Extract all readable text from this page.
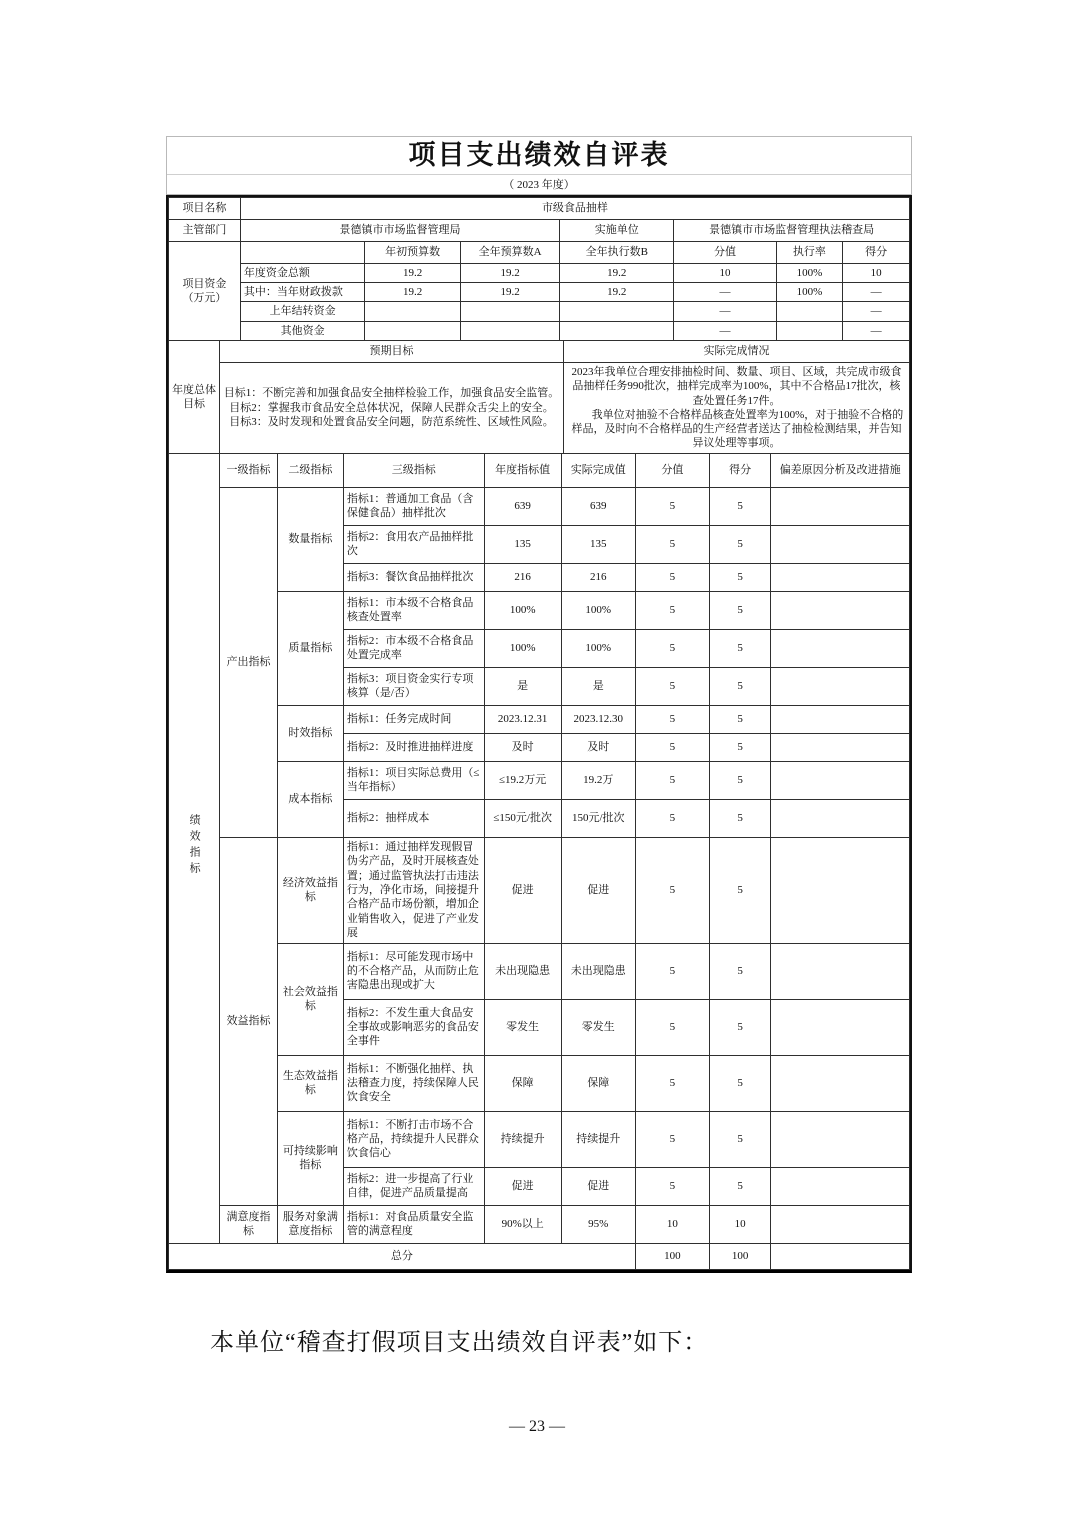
项目支出绩效自评表
（ 2023 年度）
项目名称	市级食品抽样		
主管部门	景德镇市市场监督管理局	实施单位	景德镇市市场监督管理执法稽查局
项目资金（万元）		年初预算数	全年预算数A	全年执行数B	分值	执行率	得分
	年度资金总额	19.2	19.2	19.2	10	100%	10
	其中：当年财政拨款	19.2	19.2	19.2	—	100%	—
	上年结转资金				—		—
	其他资金				—		—
年度总体目标	预期目标	实际完成情况

目标1：不断完善和加强食品安全抽样检验工作，加强食品安全监管。
目标2：掌握我市食品安全总体状况，保障人民群众舌尖上的安全。
目标3：及时发现和处置食品安全问题，防范系统性、区域性风险。

2023年我单位合理安排抽检时间、数量、项目、区域，共完成市级食品抽样任务990批次，抽样完成率为100%，其中不合格品17批次，核查处置任务17件。
我单位对抽验不合格样品核查处置率为100%，对于抽验不合格的样品，及时向不合格样品的生产经营者送达了抽检检测结果，并告知异议处理等事项。
绩效指标	一级指标	二级指标	三级指标	年度指标值	实际完成值	分值	得分	偏差原因分析及改进措施
	产出指标	数量指标	指标1：普通加工食品（含保健食品）抽样批次	639	639	5	5	
			指标2：食用农产品抽样批次	135	135	5	5	
			指标3：餐饮食品抽样批次	216	216	5	5	
		质量指标	指标1：市本级不合格食品核查处置率	100%	100%	5	5	
			指标2：市本级不合格食品处置完成率	100%	100%	5	5	
			指标3：项目资金实行专项核算（是/否）	是	是	5	5	
		时效指标	指标1：任务完成时间	2023.12.31	2023.12.30	5	5	
			指标2：及时推进抽样进度	及时	及时	5	5	
		成本指标	指标1：项目实际总费用（≤当年指标）	≤19.2万元	19.2万	5	5	
			指标2：抽样成本	≤150元/批次	150元/批次	5	5	
	效益指标	经济效益指标	指标1：通过抽样发现假冒伪劣产品，及时开展核查处置；通过监管执法打击违法行为，净化市场，间接提升合格产品市场份额，增加企业销售收入，促进了产业发展	促进	促进	5	5	
		社会效益指标	指标1：尽可能发现市场中的不合格产品，从而防止危害隐患出现或扩大	未出现隐患	未出现隐患	5	5	
			指标2：不发生重大食品安全事故或影响恶劣的食品安全事件	零发生	零发生	5	5	
		生态效益指标	指标1：不断强化抽样、执法稽查力度，持续保障人民饮食安全	保障	保障	5	5	
		可持续影响指标	指标1：不断打击市场不合格产品，持续提升人民群众饮食信心	持续提升	持续提升	5	5	
			指标2：进一步提高了行业自律，促进产品质量提高	促进	促进	5	5	
	满意度指标	服务对象满意度指标	指标1：对食品质量安全监管的满意程度	90%以上	95%	10	10	
总分						100	100	
本单位“稽查打假项目支出绩效自评表”如下：
— 23 —
